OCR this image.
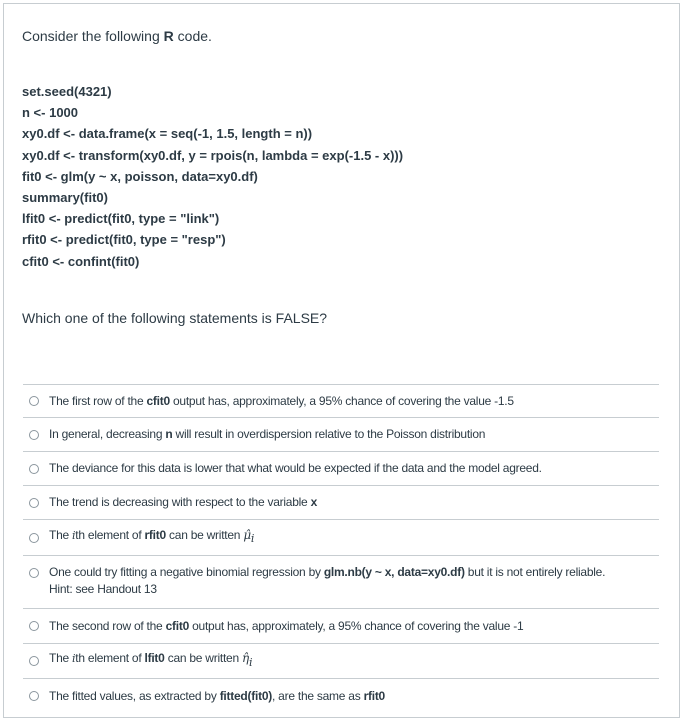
Consider the following R code.

set.seed(4321)
n <- 1000
xy0.df <- data.frame(x = seq(-1, 1.5, length = n))
xy0.df <- transform(xy0.df, y = rpois(n, lambda = exp(-1.5 - x)))
fit0 <- glm(y ~ x, poisson, data=xy0.df)
summary(fit0)
lfit0 <- predict(fit0, type = "link")
rfit0 <- predict(fit0, type = "resp")
cfit0 <- confint(fit0)

Which one of the following statements is FALSE?

The first row of the cfit0 output has, approximately, a 95% chance of covering the value -1.5
In general, decreasing n will result in overdispersion relative to the Poisson distribution
The deviance for this data is lower that what would be expected if the data and the model agreed.
The trend is decreasing with respect to the variable x
The ith element of rfit0 can be written $\mû_i$
One could try fitting a negative binomial regression by glm.nb(y ~ x, data=xy0.df) but it is not entirely reliable.
Hint: see Handout 13
The second row of the cfit0 output has, approximately, a 95% chance of covering the value -1
The ith element of lfit0 can be written $\etâ_i$
The fitted values, as extracted by fitted(fit0), are the same as rfit0
